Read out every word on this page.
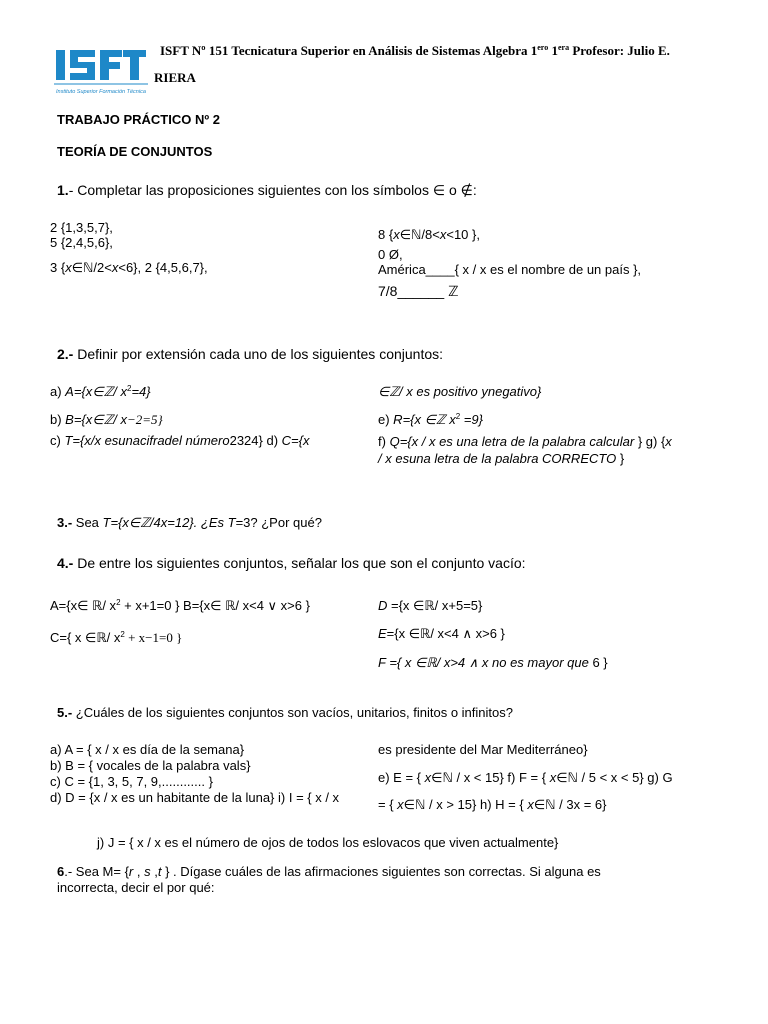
Instituto Superior Formación Técnica
ISFT Nº 151 Tecnicatura Superior en Análisis de Sistemas Algebra $1^{ero}$ $1^{era}$ Profesor: Julio E.
RIERA
TRABAJO PRÁCTICO Nº 2
TEORÍA DE CONJUNTOS
1.- Completar las proposiciones siguientes con los símbolos ∈ o ∉:
2 {1,3,5,7},
5 {2,4,5,6},
3 {x∈ℕ/2<x<6}, 2 {4,5,6,7},
8 {x∈ℕ/8<x<10 },
0 Ø,
América____{ x / x es el nombre de un país },
7/8______ ℤ
2.- Definir por extensión cada uno de los siguientes conjuntos:
a) A={x∈ℤ/ $x^2=4$}
b) B={x∈ℤ/ x−2=5}
c) T={x/x esunacifradel número2324} d) C={x
∈ℤ/ x es positivo ynegativo}
e) R={x ∈ℤ $x^2 =9$}
f) Q={x / x es una letra de la palabra calcular } g) {x
/ x esuna letra de la palabra CORRECTO }
3.- Sea T={x∈ℤ/4x=12}. ¿Es T=3? ¿Por qué?
4.- De entre los siguientes conjuntos, señalar los que son el conjunto vacío:
A={x∈ ℝ/ $x^2 + x+1=0$ } B={x∈ ℝ/ x<4 ∨ x>6 }
C={ x ∈ℝ/ $x^2 + x-1=0$ }
D ={x ∈ℝ/ x+5=5}
E={x ∈ℝ/ x<4 ∧ x>6 }
F ={ x ∈ℝ/ x>4 ∧ x no es mayor que 6 }
5.- ¿Cuáles de los siguientes conjuntos son vacíos, unitarios, finitos o infinitos?
a) A = { x / x es día de la semana}
b) B = { vocales de la palabra vals}
c) C = {1, 3, 5, 7, 9,............ }
d) D = {x / x es un habitante de la luna} i) I = { x / x
es presidente del Mar Mediterráneo}
e) E = { x∈ℕ / x < 15} f) F = { x∈ℕ / 5 < x < 5} g) G
= { x∈ℕ / x > 15} h) H = { x∈ℕ / 3x = 6}
j) J = { x / x es el número de ojos de todos los eslovacos que viven actualmente}
6.- Sea M= {r , s ,t } . Dígase cuáles de las afirmaciones siguientes son correctas. Si alguna es
incorrecta, decir el por qué:
